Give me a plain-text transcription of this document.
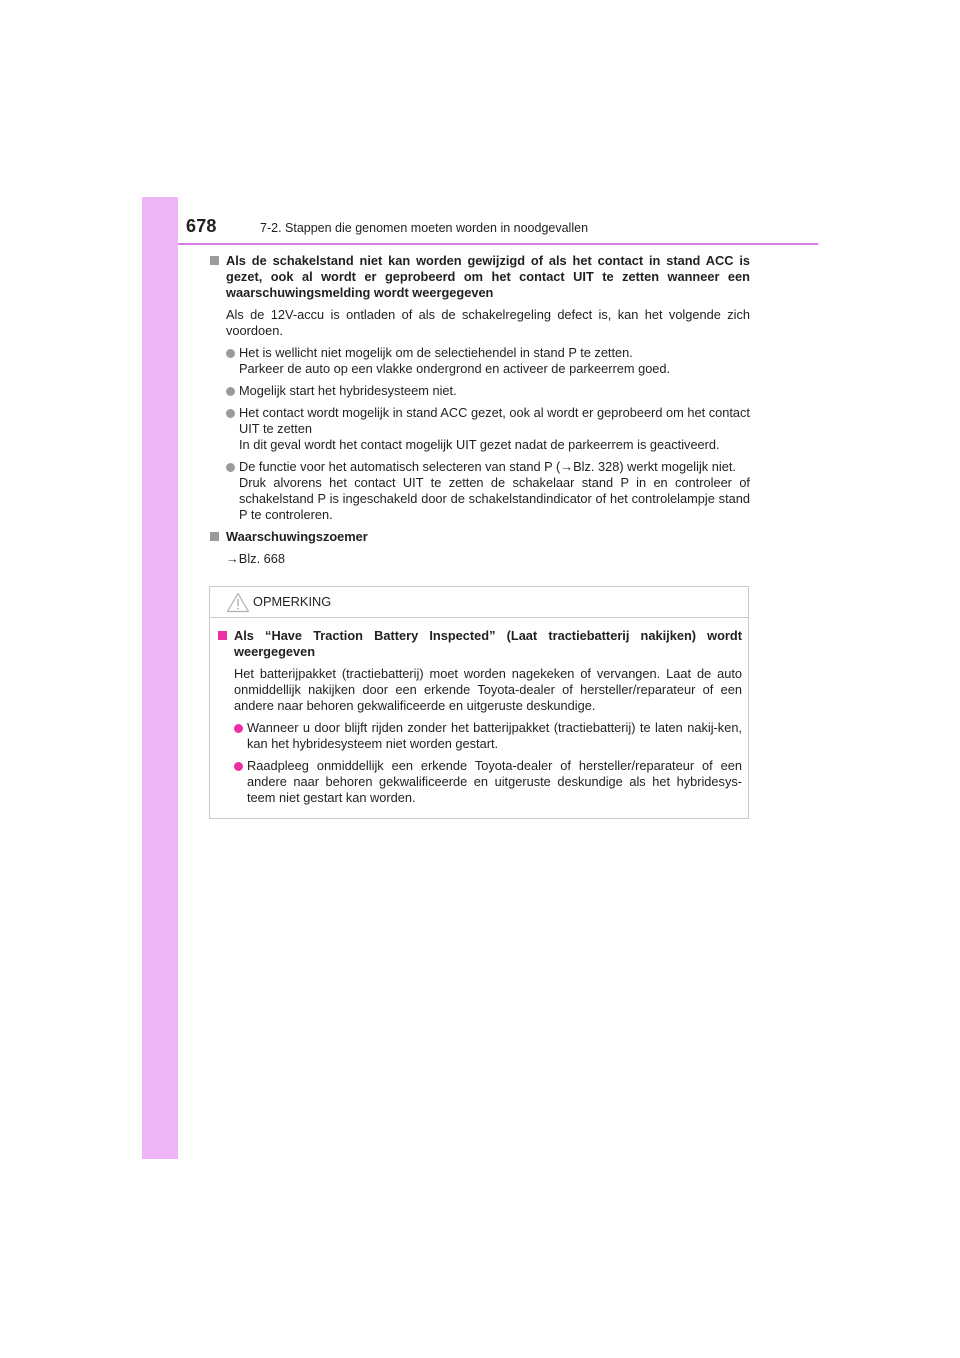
678	7-2. Stappen die genomen moeten worden in noodgevallen

Als de schakelstand niet kan worden gewijzigd of als het contact in stand ACC is gezet, ook al wordt er geprobeerd om het contact UIT te zetten wanneer een waarschuwingsmelding wordt weergegeven

Als de 12V-accu is ontladen of als de schakelregeling defect is, kan het volgende zich voordoen.

Het is wellicht niet mogelijk om de selectiehendel in stand P te zetten.
Parkeer de auto op een vlakke ondergrond en activeer de parkeerrem goed.
Mogelijk start het hybridesysteem niet.
Het contact wordt mogelijk in stand ACC gezet, ook al wordt er geprobeerd om het contact UIT te zetten
In dit geval wordt het contact mogelijk UIT gezet nadat de parkeerrem is geactiveerd.
De functie voor het automatisch selecteren van stand P (→Blz. 328) werkt mogelijk niet.
Druk alvorens het contact UIT te zetten de schakelaar stand P in en controleer of schakelstand P is ingeschakeld door de schakelstandindicator of het controlelampje stand P te controleren.

Waarschuwingszoemer

→Blz. 668

OPMERKING

Als “Have Traction Battery Inspected” (Laat tractiebatterij nakijken) wordt weergegeven

Het batterijpakket (tractiebatterij) moet worden nagekeken of vervangen. Laat de auto onmiddellijk nakijken door een erkende Toyota-dealer of hersteller/reparateur of een andere naar behoren gekwalificeerde en uitgeruste deskundige.

Wanneer u door blijft rijden zonder het batterijpakket (tractiebatterij) te laten nakij-ken, kan het hybridesysteem niet worden gestart.
Raadpleeg onmiddellijk een erkende Toyota-dealer of hersteller/reparateur of een andere naar behoren gekwalificeerde en uitgeruste deskundige als het hybridesys-teem niet gestart kan worden.
